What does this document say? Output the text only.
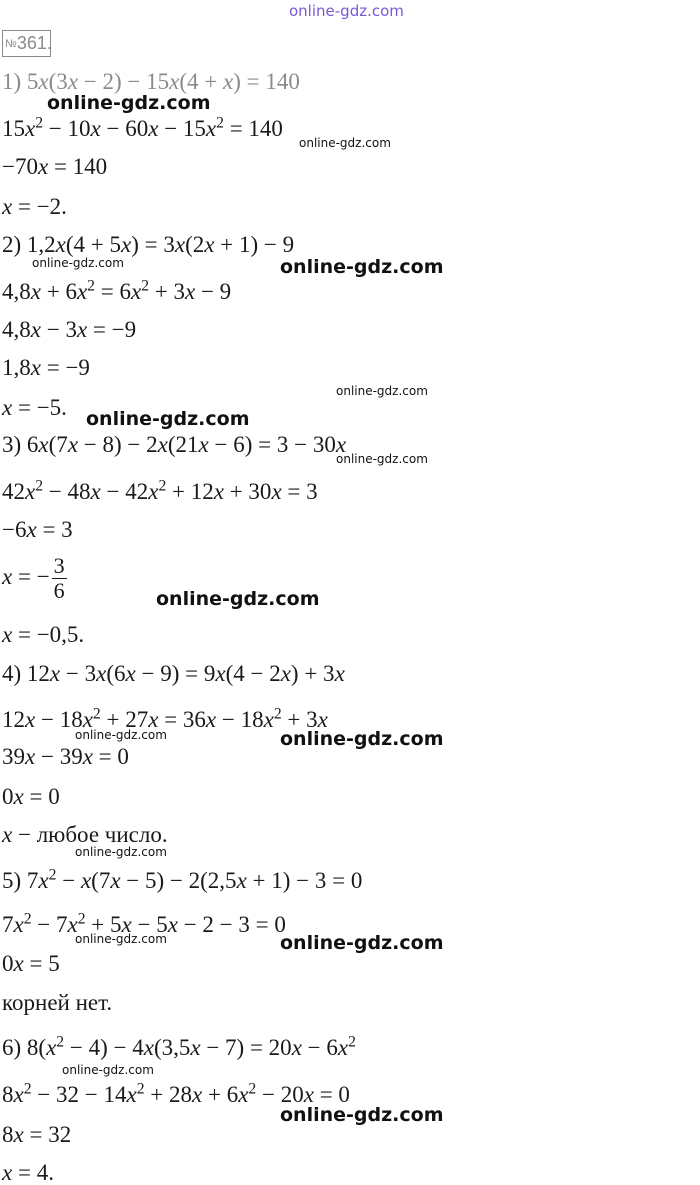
online-gdz.com
№361.

1) 5x(3x − 2) − 15x(4 + x) = 140

$15x^2 - 10x - 60x - 15x^2 = 140$

−70x = 140

x = −2.

2) 1,2x(4 + 5x) = 3x(2x + 1) − 9

$4,8x + 6x^2 = 6x^2 + 3x - 9$

4,8x − 3x = −9

1,8x = −9

x = −5.

3) 6x(7x − 8) − 2x(21x − 6) = 3 − 30x

$42x^2 - 48x - 42x^2 + 12x + 30x = 3$

−6x = 3

x = − $\frac{3}{6}$

x = −0,5.

4) 12x − 3x(6x − 9) = 9x(4 − 2x) + 3x

$12x - 18x^2 + 27x = 36x - 18x^2 + 3x$

39x − 39x = 0

0x = 0

x − любое число.

5) $7x^2 - x(7x - 5) - 2(2,5x + 1) - 3 = 0$

$7x^2 - 7x^2 + 5x - 5x - 2 - 3 = 0$

0x = 5

корней нет.

6) $8(x^2 - 4) - 4x(3,5x - 7) = 20x - 6x^2$

$8x^2 - 32 - 14x^2 + 28x + 6x^2 - 20x = 0$

8x = 32

x = 4.

online-gdz.com
online-gdz.com
online-gdz.com	online-gdz.com
online-gdz.com
online-gdz.com
online-gdz.com
online-gdz.com
online-gdz.com	online-gdz.com
online-gdz.com
online-gdz.com	online-gdz.com
online-gdz.com
online-gdz.com
